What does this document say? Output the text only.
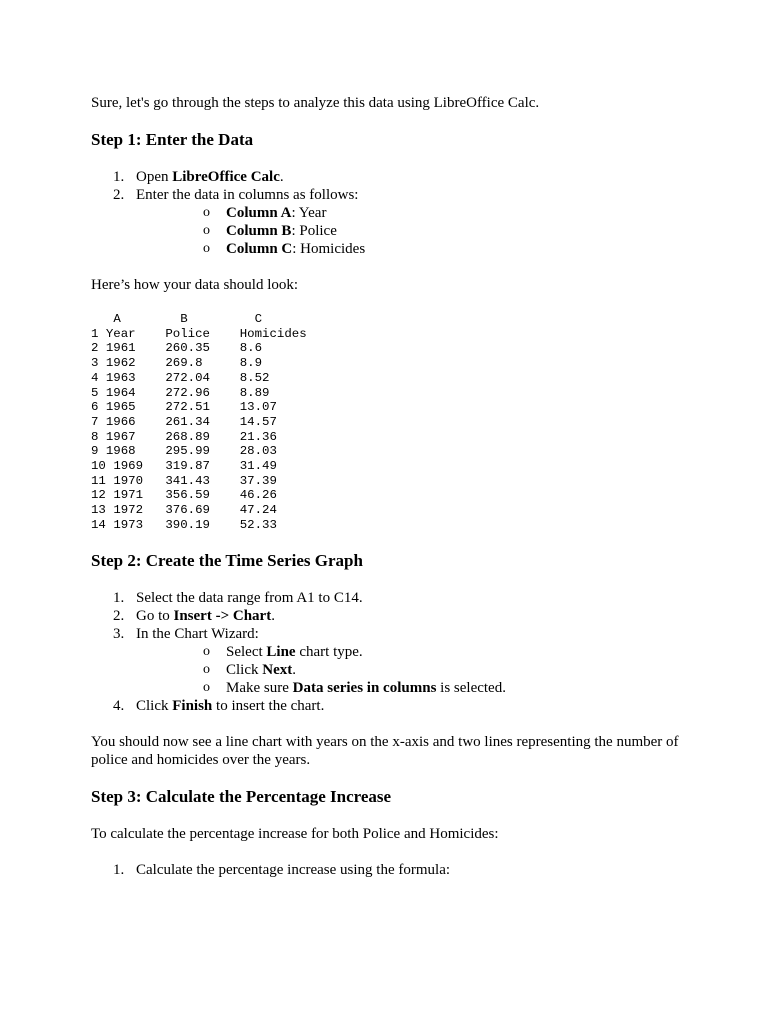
Sure, let's go through the steps to analyze this data using LibreOffice Calc.

Step 1: Enter the Data
1. Open LibreOffice Calc.
2. Enter the data in columns as follows:
o Column A: Year
o Column B: Police
o Column C: Homicides

Here’s how your data should look:

A	B	C
1 Year Police Homicides
2 1961 260.35 8.6
3 1962 269.8	8.9
4 1963 272.04 8.52
5 1964 272.96 8.89
6 1965 272.51 13.07
7 1966 261.34 14.57
8 1967 268.89 21.36
9 1968 295.99 28.03
10 1969 319.87 31.49
11 1970 341.43 37.39
12 1971 356.59 46.26
13 1972 376.69 47.24
14 1973 390.19 52.33
Step 2: Create the Time Series Graph
1. Select the data range from A1 to C14.
2. Go to Insert -> Chart.
3. In the Chart Wizard:
o Select Line chart type.
o Click Next.
o Make sure Data series in columns is selected.
4. Click Finish to insert the chart.

You should now see a line chart with years on the x-axis and two lines representing the number of police and homicides over the years.

Step 3: Calculate the Percentage Increase

To calculate the percentage increase for both Police and Homicides:

1. Calculate the percentage increase using the formula:
